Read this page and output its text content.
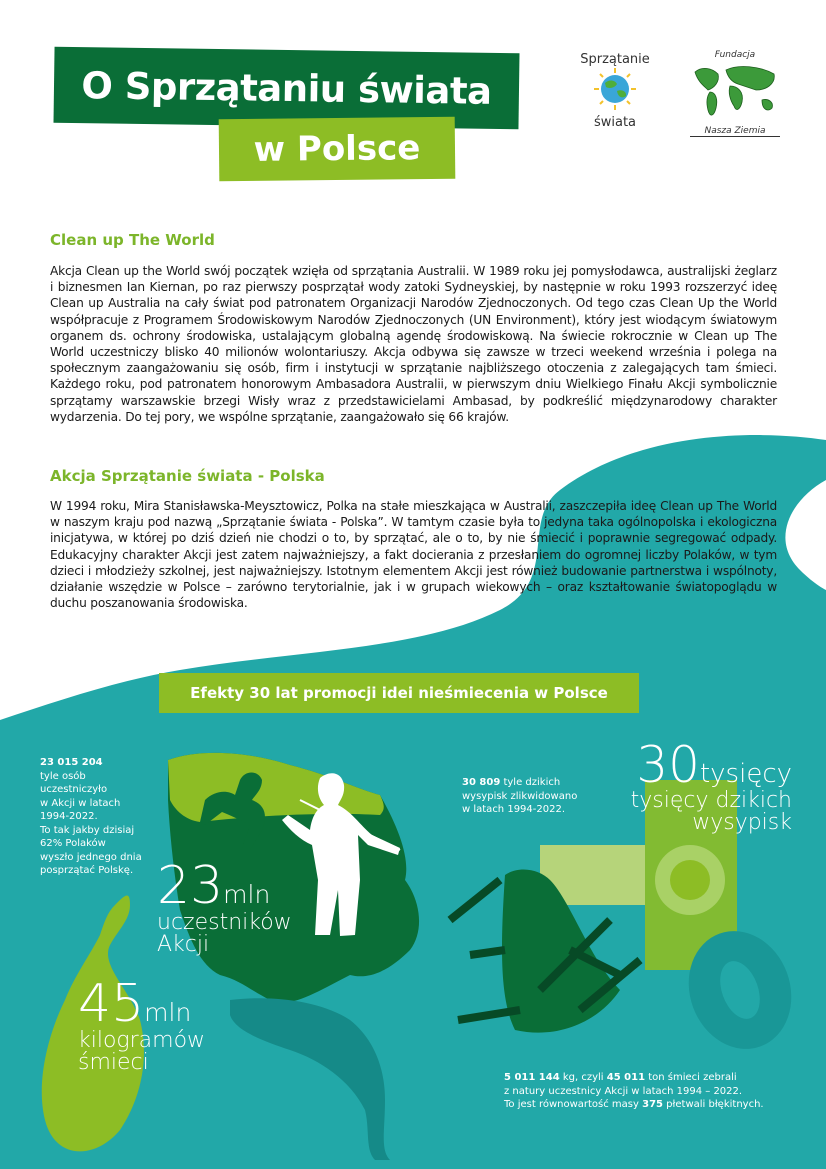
O Sprzątaniu świata
w Polsce
Sprzątanie
świata
Fundacja
Nasza Ziemia
Clean up The World
Akcja Clean up the World swój początek wzięła od sprzątania Australii. W 1989 roku jej pomysłodawca, australijski żeglarz i biznesmen Ian Kiernan, po raz pierwszy posprzątał wody zatoki Sydneyskiej, by następnie w roku 1993 rozszerzyć ideę Clean up Australia na cały świat pod patronatem Organizacji Narodów Zjednoczonych. Od tego czas Clean Up the World współpracuje z Programem Środowiskowym Narodów Zjednoczonych (UN Environment), który jest wiodącym światowym organem ds. ochrony środowiska, ustalającym globalną agendę środowiskową. Na świecie rokrocznie w Clean up The World uczestniczy blisko 40 milionów wolontariuszy. Akcja odbywa się zawsze w trzeci weekend września i polega na społecznym zaangażowaniu się osób, firm i instytucji w sprzątanie najbliższego otoczenia z zalegających tam śmieci. Każdego roku, pod patronatem honorowym Ambasadora Australii, w pierwszym dniu Wielkiego Finału Akcji symbolicznie sprzątamy warszawskie brzegi Wisły wraz z przedstawicielami Ambasad, by podkreślić międzynarodowy charakter wydarzenia. Do tej pory, we wspólne sprzątanie, zaangażowało się 66 krajów.
Akcja Sprzątanie świata - Polska
W 1994 roku, Mira Stanisławska-Meysztowicz, Polka na stałe mieszkająca w Australii, zaszczepiła ideę Clean up The World w naszym kraju pod nazwą „Sprzątanie świata - Polska”. W tamtym czasie była to jedyna taka ogólnopolska i ekologiczna inicjatywa, w której po dziś dzień nie chodzi o to, by sprzątać, ale o to, by nie śmiecić i poprawnie segregować odpady. Edukacyjny charakter Akcji jest zatem najważniejszy, a fakt docierania z przesłaniem do ogromnej liczby Polaków, w tym dzieci i młodzieży szkolnej, jest najważniejszy. Istotnym elementem Akcji jest również budowanie partnerstwa i wspólnoty, działanie wszędzie w Polsce – zarówno terytorialnie, jak i w grupach wiekowych – oraz kształtowanie światopoglądu w duchu poszanowania środowiska.
Efekty 30 lat promocji idei nieśmiecenia w Polsce
23 015 204
tyle osób
uczestniczyło
w Akcji w latach
1994-2022.
To tak jakby dzisiaj
62% Polaków
wyszło jednego dnia
posprzątać Polskę. 23mln
uczestników
Akcji
30 809 tyle dzikich
wysypisk zlikwidowano
w latach 1994-2022.
30tysięcy
tysięcy dzikich
wysypisk
45mln
kilogramów
śmieci
5 011 144 kg, czyli 45 011 ton śmieci zebrali
z natury uczestnicy Akcji w latach 1994 – 2022.
To jest równowartość masy 375 płetwali błękitnych.
